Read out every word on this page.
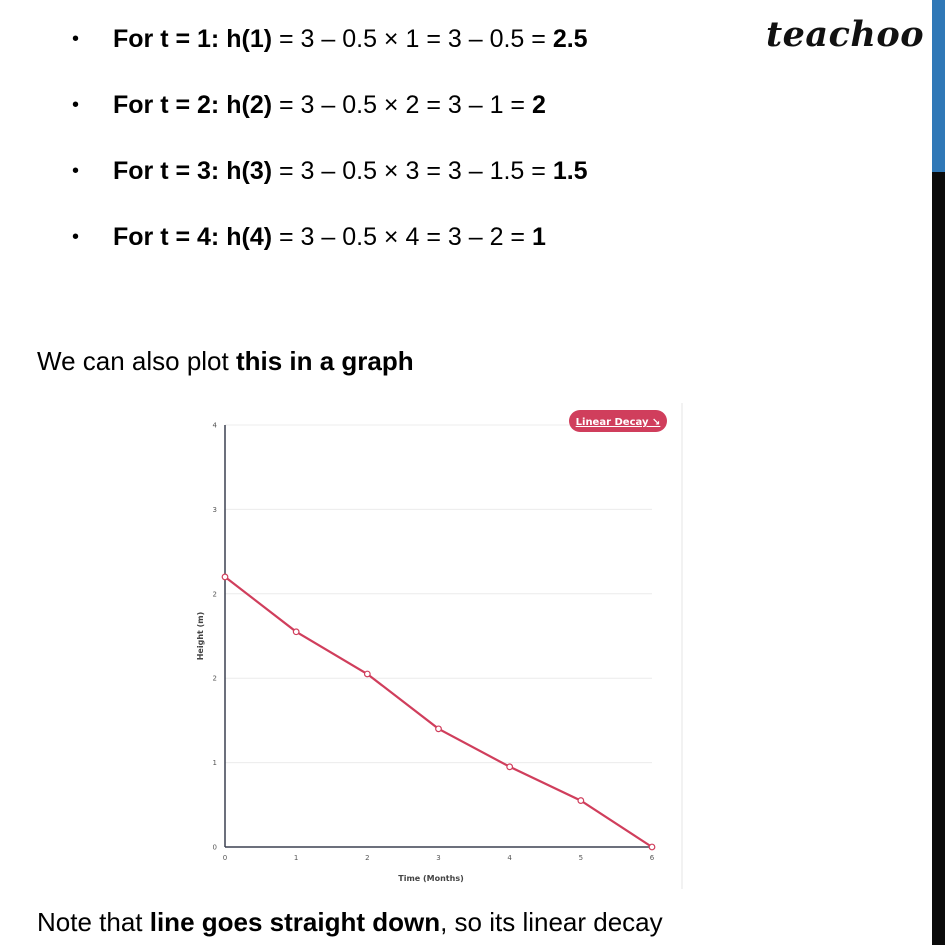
teachoo
• For t = 1: h(1) = 3 – 0.5 × 1 = 3 – 0.5 = 2.5
• For t = 2: h(2) = 3 – 0.5 × 2 = 3 – 1 = 2
• For t = 3: h(3) = 3 – 0.5 × 3 = 3 – 1.5 = 1.5
• For t = 4: h(4) = 3 – 0.5 × 4 = 3 – 2 = 1
We can also plot this in a graph
0
1
2
2
3
4
0	1	2	3	4	5	6
Height (m)
Time (Months)
Linear Decay ↘
Note that line goes straight down, so its linear decay
